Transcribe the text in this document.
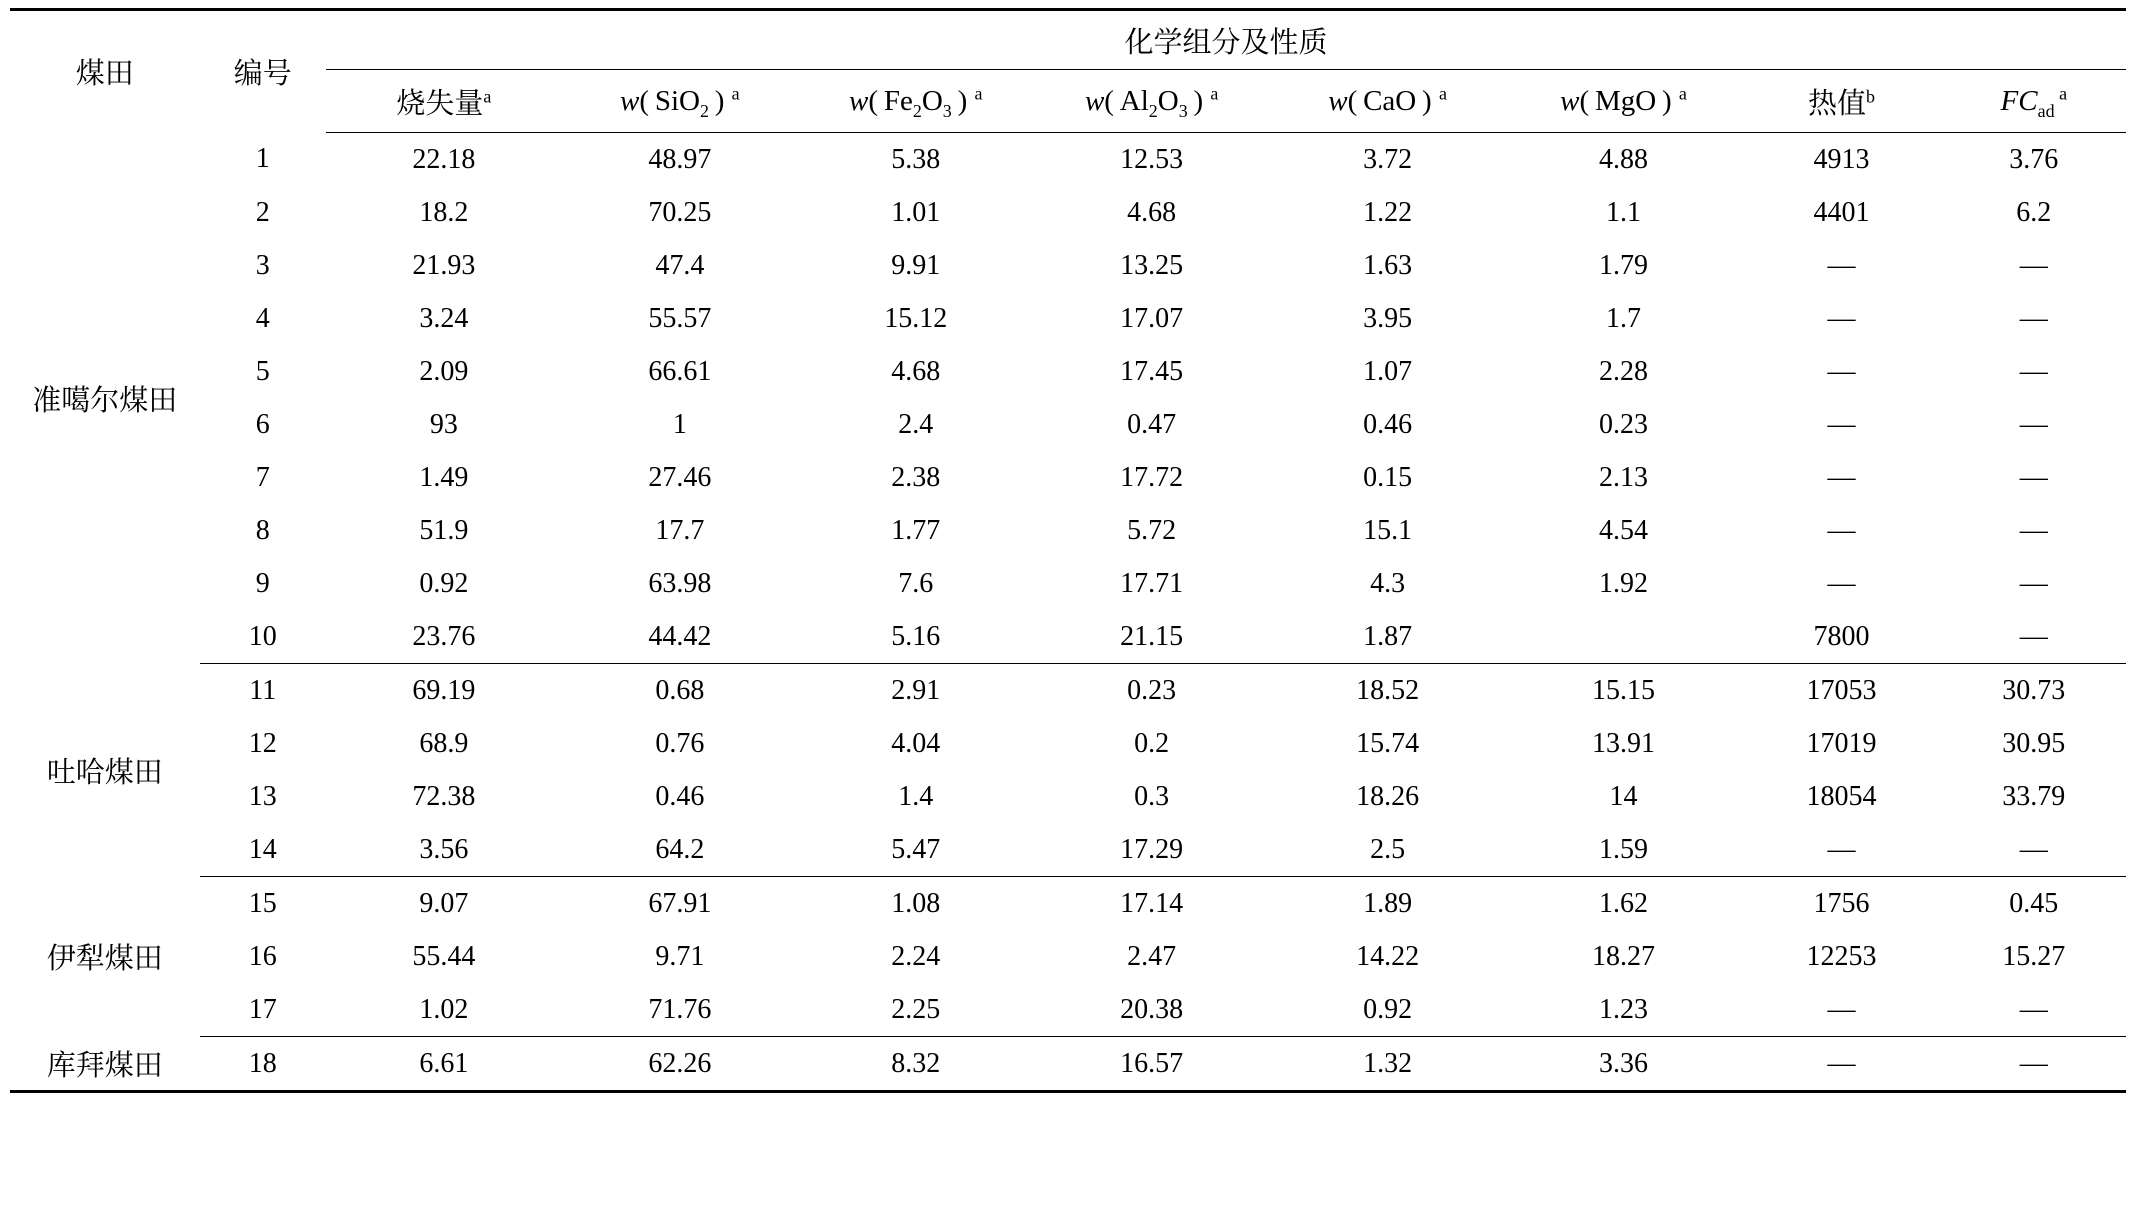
煤田	编号	化学组分及性质							
		烧失量$^a$	w( SiO$_2$ ) $^a$	w( $Fe_2O_3$ ) $^a$	w( $Al_2O_3$ ) $^a$	w( CaO ) $^a$	w( MgO ) $^a$	热值$^b$	$FC_{ad}$ $^a$
准噶尔煤田	1	22.18	48.97	5.38	12.53	3.72	4.88	4913	3.76
	2	18.2	70.25	1.01	4.68	1.22	1.1	4401	6.2
	3	21.93	47.4	9.91	13.25	1.63	1.79	—	—
	4	3.24	55.57	15.12	17.07	3.95	1.7	—	—
	5	2.09	66.61	4.68	17.45	1.07	2.28	—	—
	6	93	1	2.4	0.47	0.46	0.23	—	—
	7	1.49	27.46	2.38	17.72	0.15	2.13	—	—
	8	51.9	17.7	1.77	5.72	15.1	4.54	—	—
	9	0.92	63.98	7.6	17.71	4.3	1.92	—	—
	10	23.76	44.42	5.16	21.15	1.87		7800	—
吐哈煤田	11	69.19	0.68	2.91	0.23	18.52	15.15	17053	30.73
	12	68.9	0.76	4.04	0.2	15.74	13.91	17019	30.95
	13	72.38	0.46	1.4	0.3	18.26	14	18054	33.79
	14	3.56	64.2	5.47	17.29	2.5	1.59	—	—
伊犁煤田	15	9.07	67.91	1.08	17.14	1.89	1.62	1756	0.45
	16	55.44	9.71	2.24	2.47	14.22	18.27	12253	15.27
	17	1.02	71.76	2.25	20.38	0.92	1.23	—	—
库拜煤田	18	6.61	62.26	8.32	16.57	1.32	3.36	—	—
